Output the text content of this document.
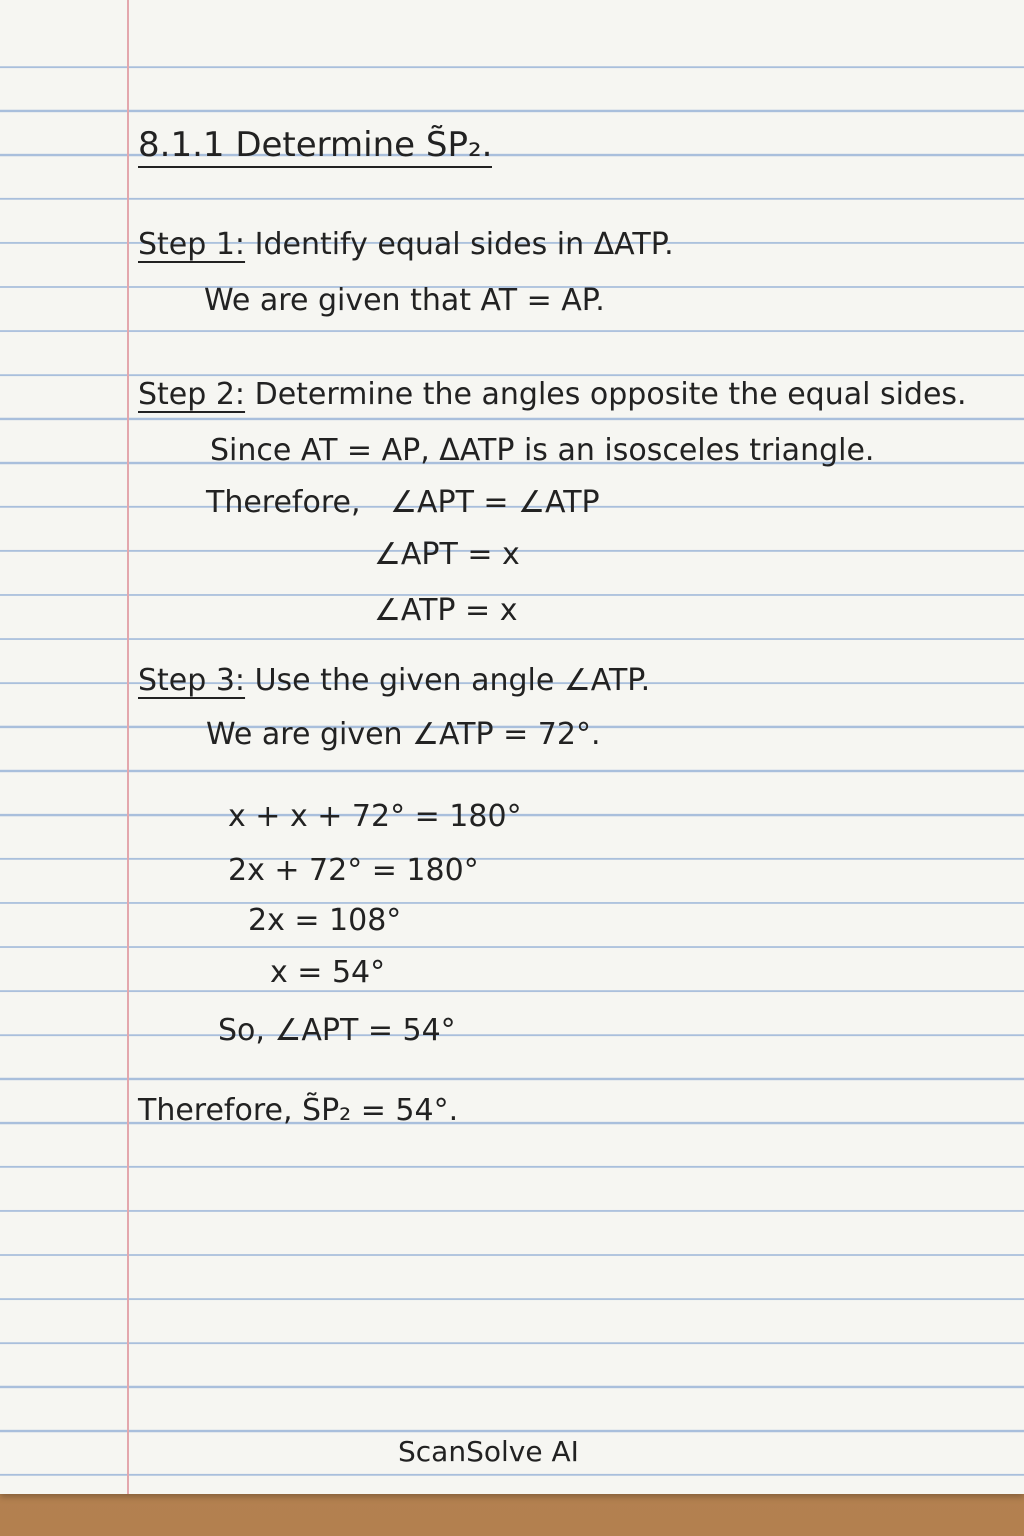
8.1.1 Determine S̃P₂.
Step 1: Identify equal sides in ΔATP.
We are given that AT = AP.
Step 2: Determine the angles opposite the equal sides.
Since AT = AP, ΔATP is an isosceles triangle.
Therefore, ∠APT = ∠ATP
∠APT = x
∠ATP = x
Step 3: Use the given angle ∠ATP.
We are given ∠ATP = 72°.
x + x + 72° = 180°
2x + 72° = 180°
2x = 108°
x = 54°
So, ∠APT = 54°
Therefore, S̃P₂ = 54°.
ScanSolve AI
